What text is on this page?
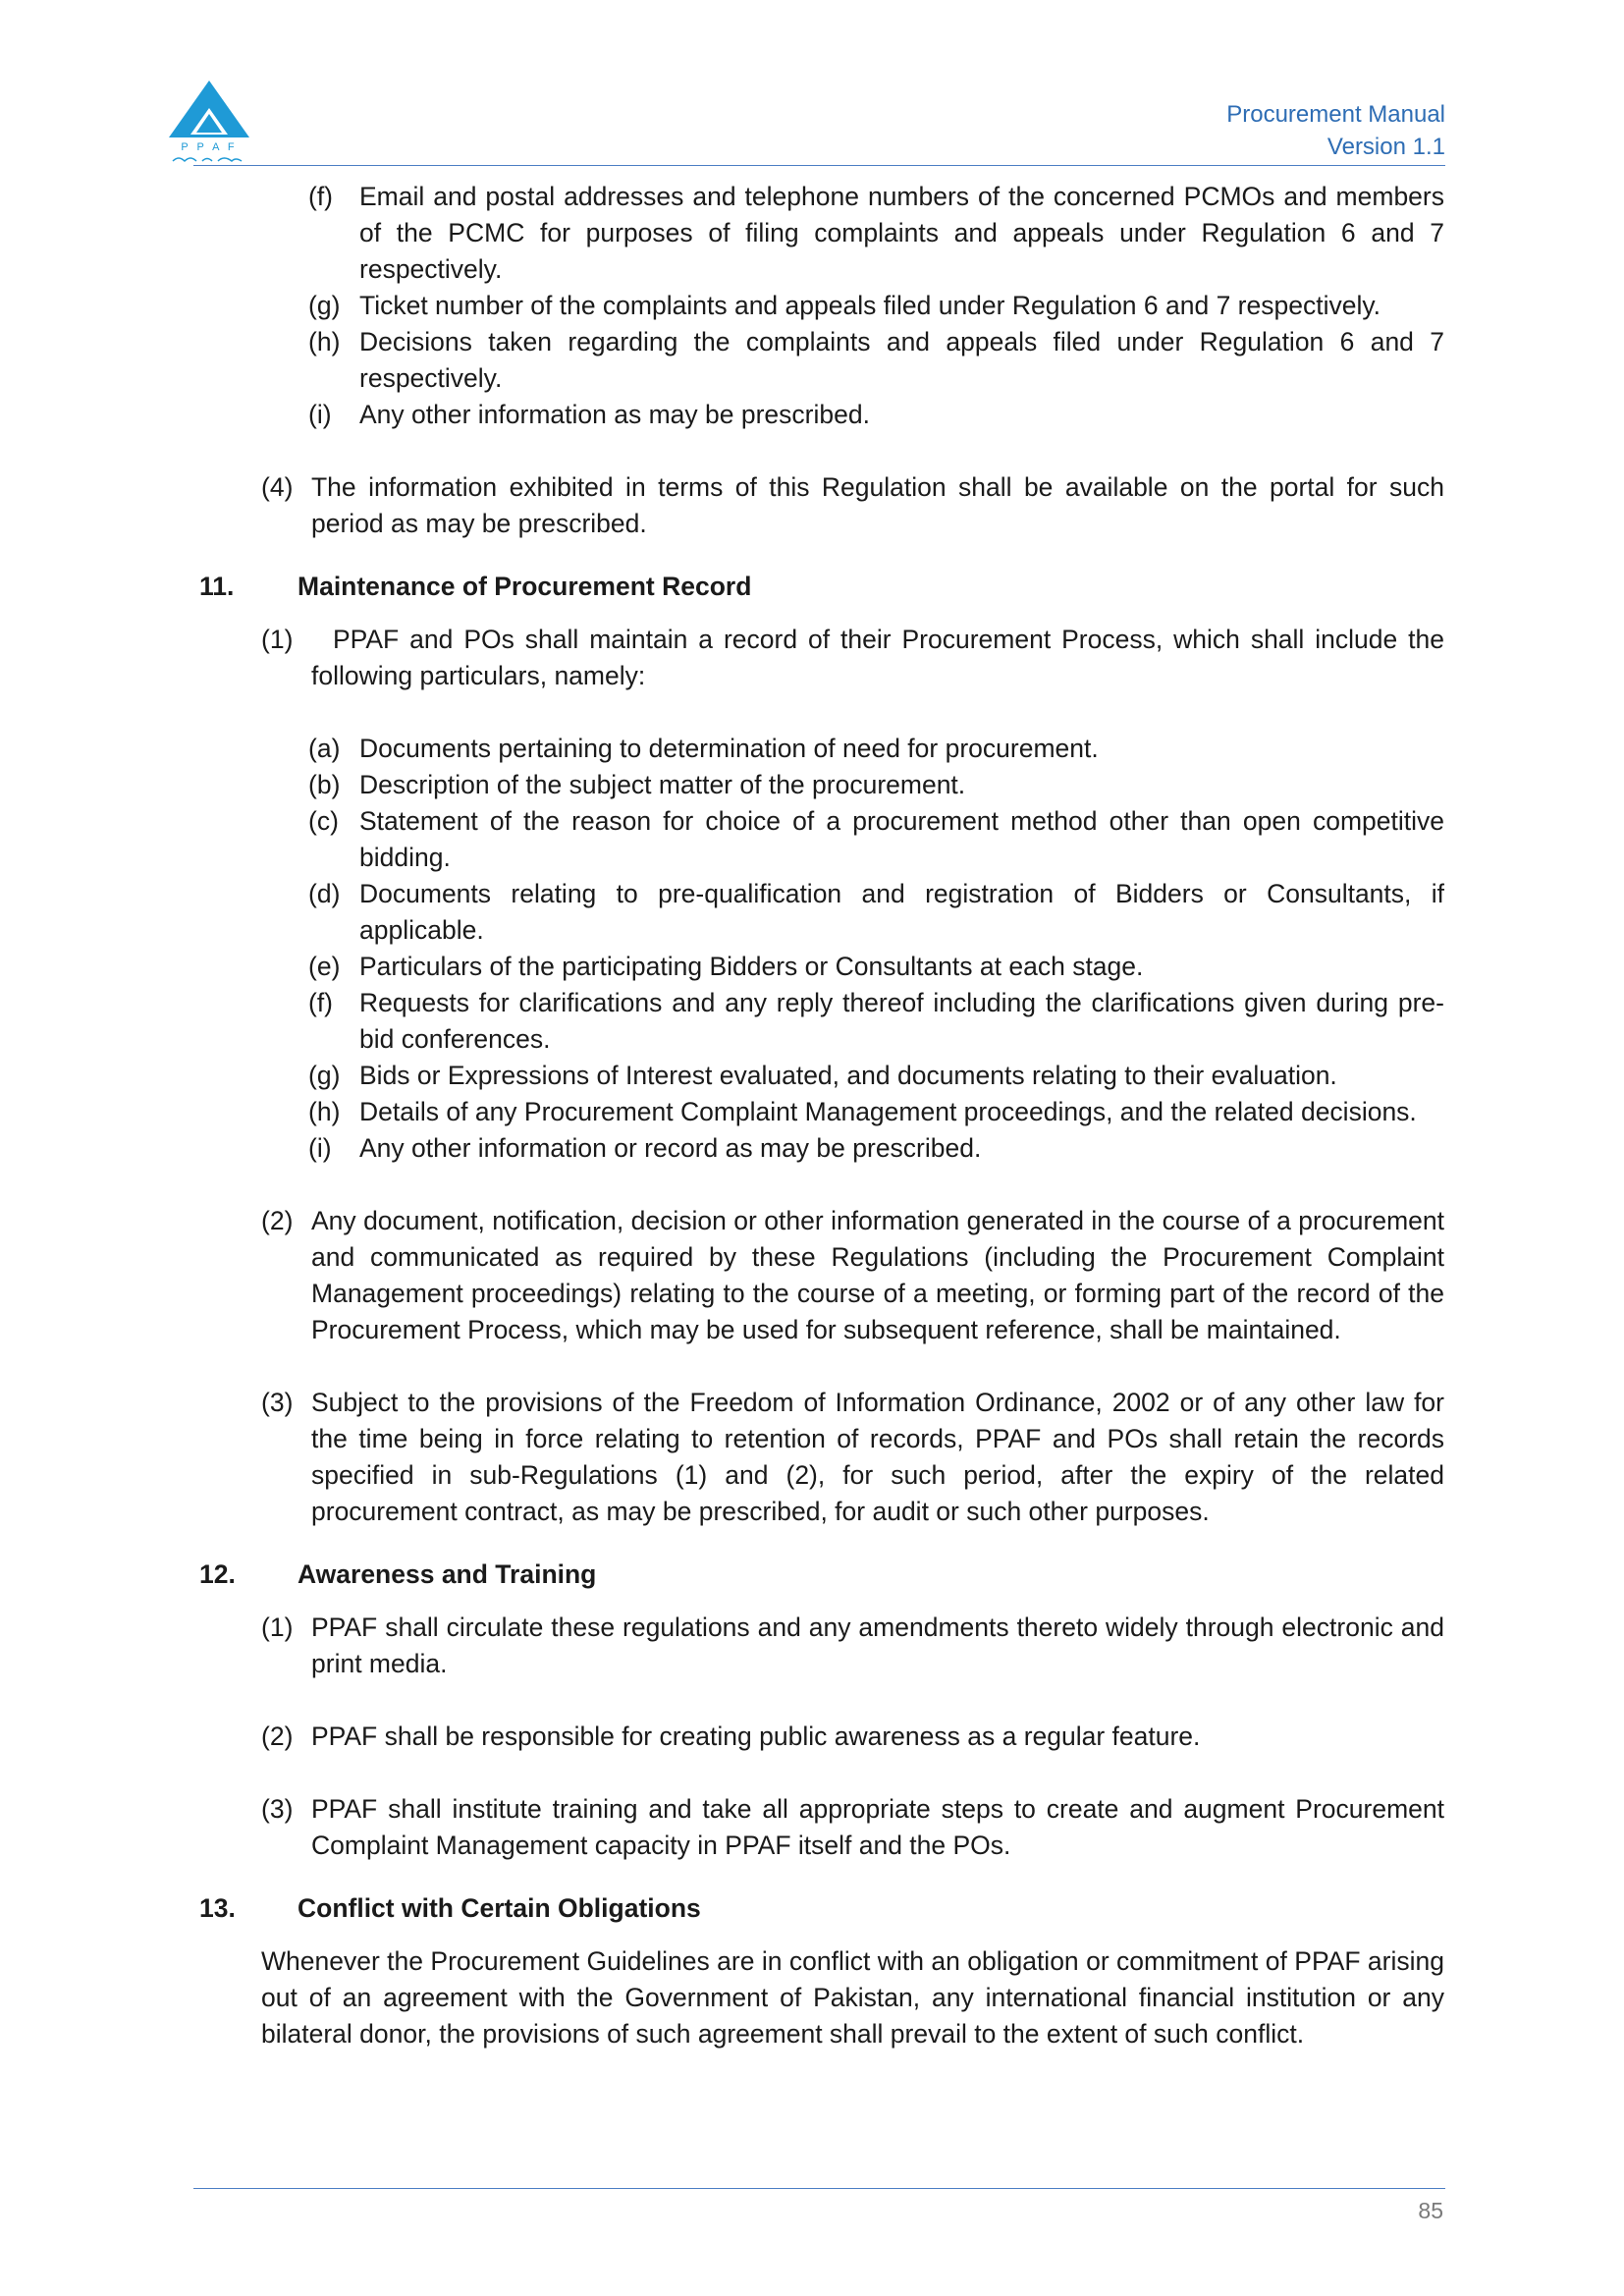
P P A F
Procurement Manual
Version 1.1
(f)	Email and postal addresses and telephone numbers of the concerned PCMOs and members of the PCMC for purposes of filing complaints and appeals under Regulation 6 and 7 respectively.
(g) Ticket number of the complaints and appeals filed under Regulation 6 and 7 respectively.
(h) Decisions taken regarding the complaints and appeals filed under Regulation 6 and 7 respectively.
(i)	Any other information as may be prescribed.
(4) The information exhibited in terms of this Regulation shall be available on the portal for such period as may be prescribed.
11.	Maintenance of Procurement Record
(1)	PPAF and POs shall maintain a record of their Procurement Process, which shall include the following particulars, namely:
(a) Documents pertaining to determination of need for procurement.
(b) Description of the subject matter of the procurement.
(c) Statement of the reason for choice of a procurement method other than open competitive bidding.
(d) Documents relating to pre-qualification and registration of Bidders or Consultants, if applicable.
(e) Particulars of the participating Bidders or Consultants at each stage.
(f)	Requests for clarifications and any reply thereof including the clarifications given during pre-bid conferences.
(g) Bids or Expressions of Interest evaluated, and documents relating to their evaluation.
(h) Details of any Procurement Complaint Management proceedings, and the related decisions.
(i)	Any other information or record as may be prescribed.
(2) Any document, notification, decision or other information generated in the course of a procurement and communicated as required by these Regulations (including the Procurement Complaint Management proceedings) relating to the course of a meeting, or forming part of the record of the Procurement Process, which may be used for subsequent reference, shall be maintained.
(3) Subject to the provisions of the Freedom of Information Ordinance, 2002 or of any other law for the time being in force relating to retention of records, PPAF and POs shall retain the records specified in sub-Regulations (1) and (2), for such period, after the expiry of the related procurement contract, as may be prescribed, for audit or such other purposes.
12.	Awareness and Training
(1) PPAF shall circulate these regulations and any amendments thereto widely through electronic and print media.
(2) PPAF shall be responsible for creating public awareness as a regular feature.
(3) PPAF shall institute training and take all appropriate steps to create and augment Procurement Complaint Management capacity in PPAF itself and the POs.
13.	Conflict with Certain Obligations
Whenever the Procurement Guidelines are in conflict with an obligation or commitment of PPAF arising out of an agreement with the Government of Pakistan, any international financial institution or any bilateral donor, the provisions of such agreement shall prevail to the extent of such conflict.
85
